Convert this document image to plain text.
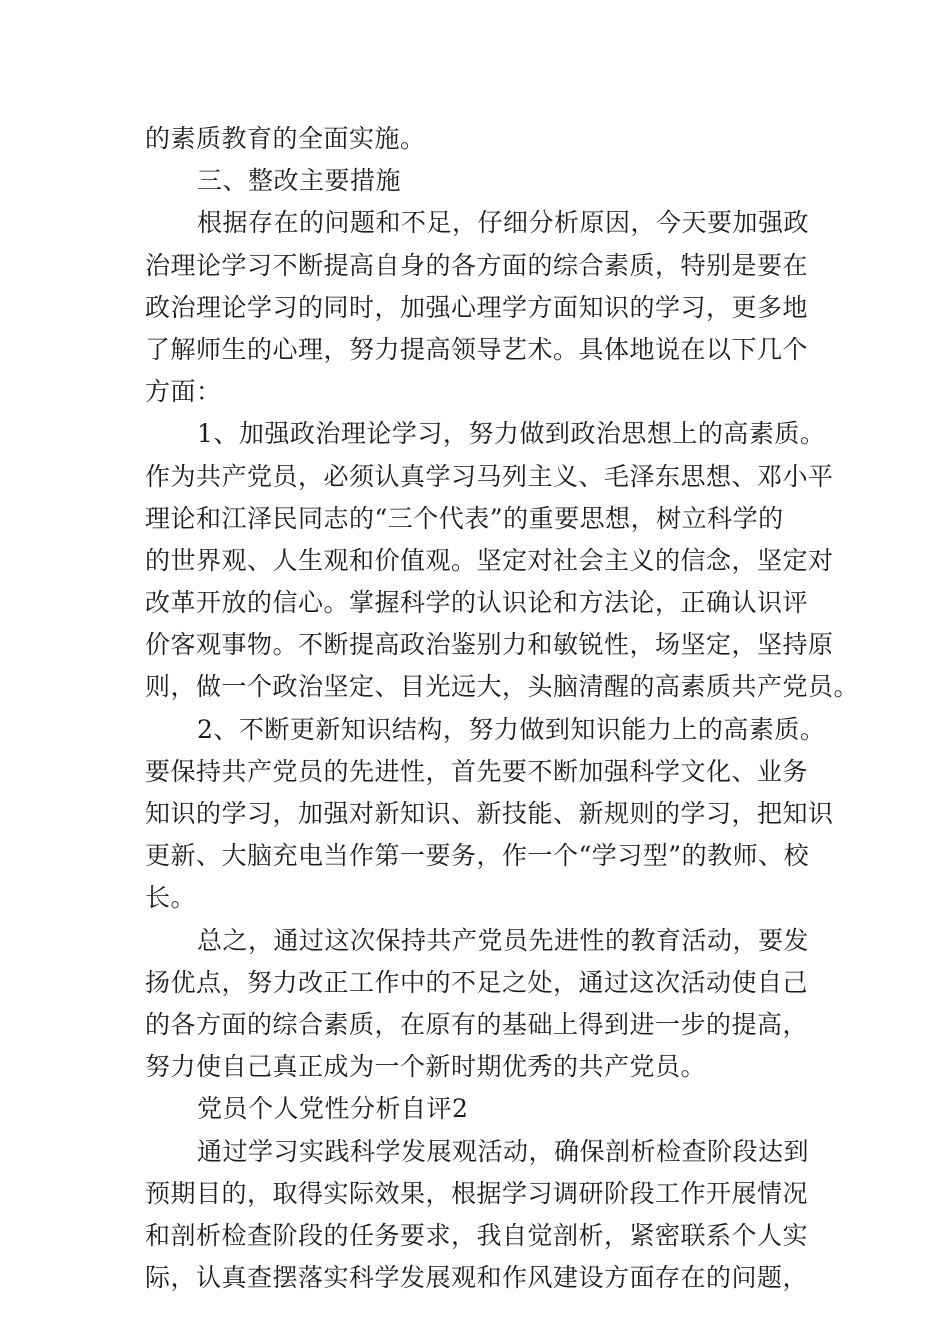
的素质教育的全面实施。
三、整改主要措施
根据存在的问题和不足，仔细分析原因，今天要加强政
治理论学习不断提高自身的各方面的综合素质，特别是要在
政治理论学习的同时，加强心理学方面知识的学习，更多地
了解师生的心理，努力提高领导艺术。具体地说在以下几个
方面：
1、加强政治理论学习，努力做到政治思想上的高素质。
作为共产党员，必须认真学习马列主义、毛泽东思想、邓小平
理论和江泽民同志的“三个代表”的重要思想，树立科学的
的世界观、人生观和价值观。坚定对社会主义的信念，坚定对
改革开放的信心。掌握科学的认识论和方法论，正确认识评
价客观事物。不断提高政治鉴别力和敏锐性，场坚定，坚持原
则，做一个政治坚定、目光远大，头脑清醒的高素质共产党员。
2、不断更新知识结构，努力做到知识能力上的高素质。
要保持共产党员的先进性，首先要不断加强科学文化、业务
知识的学习，加强对新知识、新技能、新规则的学习，把知识
更新、大脑充电当作第一要务，作一个“学习型”的教师、校
长。
总之，通过这次保持共产党员先进性的教育活动，要发
扬优点，努力改正工作中的不足之处，通过这次活动使自己
的各方面的综合素质，在原有的基础上得到进一步的提高，
努力使自己真正成为一个新时期优秀的共产党员。
党员个人党性分析自评2
通过学习实践科学发展观活动，确保剖析检查阶段达到
预期目的，取得实际效果，根据学习调研阶段工作开展情况
和剖析检查阶段的任务要求，我自觉剖析，紧密联系个人实
际，认真查摆落实科学发展观和作风建设方面存在的问题，
